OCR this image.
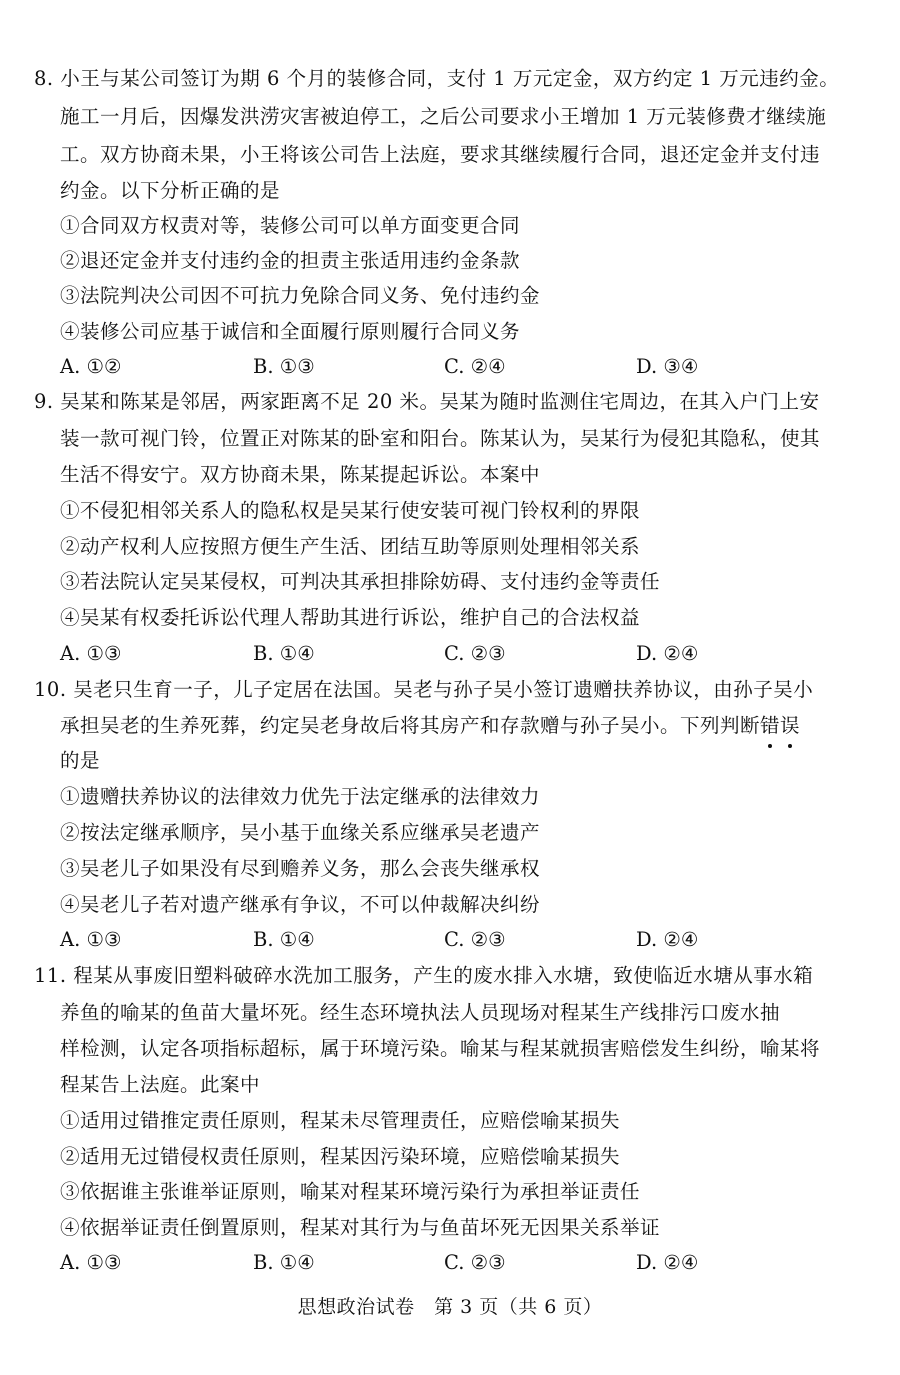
8. 小王与某公司签订为期 6 个月的装修合同，支付 1 万元定金，双方约定 1 万元违约金。
施工一月后，因爆发洪涝灾害被迫停工，之后公司要求小王增加 1 万元装修费才继续施
工。双方协商未果，小王将该公司告上法庭，要求其继续履行合同，退还定金并支付违
约金。以下分析正确的是
①合同双方权责对等，装修公司可以单方面变更合同
②退还定金并支付违约金的担责主张适用违约金条款
③法院判决公司因不可抗力免除合同义务、免付违约金
④装修公司应基于诚信和全面履行原则履行合同义务
A. ①②	B. ①③	C. ②④	D. ③④
9. 吴某和陈某是邻居，两家距离不足 20 米。吴某为随时监测住宅周边，在其入户门上安
装一款可视门铃，位置正对陈某的卧室和阳台。陈某认为，吴某行为侵犯其隐私，使其
生活不得安宁。双方协商未果，陈某提起诉讼。本案中
①不侵犯相邻关系人的隐私权是吴某行使安装可视门铃权利的界限
②动产权利人应按照方便生产生活、团结互助等原则处理相邻关系
③若法院认定吴某侵权，可判决其承担排除妨碍、支付违约金等责任
④吴某有权委托诉讼代理人帮助其进行诉讼，维护自己的合法权益
A. ①③	B. ①④	C. ②③	D. ②④
10. 吴老只生育一子，儿子定居在法国。吴老与孙子吴小签订遗赠扶养协议，由孙子吴小
承担吴老的生养死葬，约定吴老身故后将其房产和存款赠与孙子吴小。下列判断错误
的是
①遗赠扶养协议的法律效力优先于法定继承的法律效力
②按法定继承顺序，吴小基于血缘关系应继承吴老遗产
③吴老儿子如果没有尽到赡养义务，那么会丧失继承权
④吴老儿子若对遗产继承有争议，不可以仲裁解决纠纷
A. ①③	B. ①④	C. ②③	D. ②④
11. 程某从事废旧塑料破碎水洗加工服务，产生的废水排入水塘，致使临近水塘从事水箱
养鱼的喻某的鱼苗大量坏死。经生态环境执法人员现场对程某生产线排污口废水抽
样检测，认定各项指标超标，属于环境污染。喻某与程某就损害赔偿发生纠纷，喻某将
程某告上法庭。此案中
①适用过错推定责任原则，程某未尽管理责任，应赔偿喻某损失
②适用无过错侵权责任原则，程某因污染环境，应赔偿喻某损失
③依据谁主张谁举证原则，喻某对程某环境污染行为承担举证责任
④依据举证责任倒置原则，程某对其行为与鱼苗坏死无因果关系举证
A. ①③	B. ①④	C. ②③	D. ②④
思想政治试卷　第 3 页（共 6 页）
